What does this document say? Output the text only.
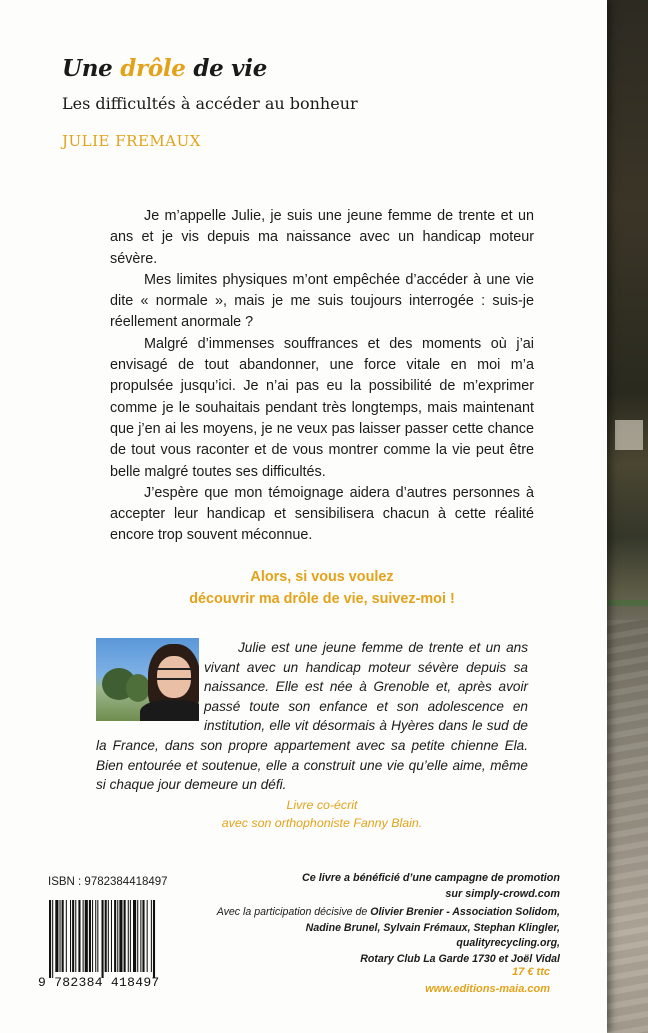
Une drôle de vie
Les difficultés à accéder au bonheur
JULIE FREMAUX

Je m’appelle Julie, je suis une jeune femme de trente et un ans et je vis depuis ma naissance avec un handicap moteur sévère.

Mes limites physiques m’ont empêchée d’accéder à une vie dite « normale », mais je me suis toujours interrogée : suis-je réellement anormale ?

Malgré d’immenses souffrances et des moments où j’ai envisagé de tout abandonner, une force vitale en moi m’a propulsée jusqu’ici. Je n’ai pas eu la possibilité de m’exprimer comme je le souhaitais pendant très longtemps, mais maintenant que j’en ai les moyens, je ne veux pas laisser passer cette chance de tout vous raconter et de vous montrer comme la vie peut être belle malgré toutes ses difficultés.

J’espère que mon témoignage aidera d’autres personnes à accepter leur handicap et sensibilisera chacun à cette réalité encore trop souvent méconnue.

Alors, si vous voulez
découvrir ma drôle de vie, suivez-moi !

Julie est une jeune femme de trente et un ans vivant avec un handicap moteur sévère depuis sa naissance. Elle est née à Grenoble et, après avoir passé toute son enfance et son adolescence en institution, elle vit désormais à Hyères dans le sud de la France, dans son propre appartement avec sa petite chienne Ela. Bien entourée et soutenue, elle a construit une vie qu’elle aime, même si chaque jour demeure un défi.

Livre co-écrit
avec son orthophoniste Fanny Blain.
ISBN : 9782384418497
9 782384 418497
Ce livre a bénéficié d’une campagne de promotion
sur simply-crowd.com
Avec la participation décisive de Olivier Brenier - Association Solidom,
Nadine Brunel, Sylvain Frémaux, Stephan Klingler, qualityrecycling.org,
Rotary Club La Garde 1730 et Joël Vidal
17 € ttc
www.editions-maia.com
